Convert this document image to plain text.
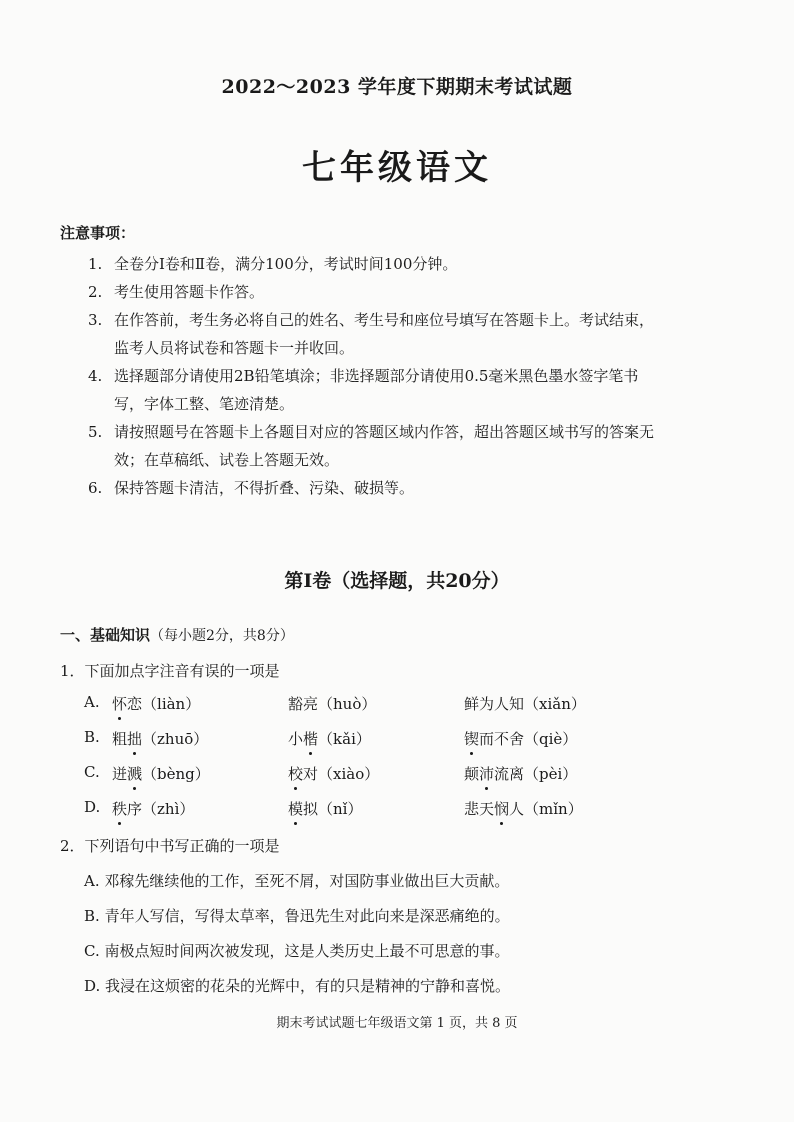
2022～2023 学年度下期期末考试试题
七年级语文
注意事项：
1. 全卷分Ⅰ卷和Ⅱ卷，满分100分，考试时间100分钟。
2. 考生使用答题卡作答。
3. 在作答前，考生务必将自己的姓名、考生号和座位号填写在答题卡上。考试结束，
监考人员将试卷和答题卡一并收回。
4. 选择题部分请使用2B铅笔填涂；非选择题部分请使用0.5毫米黑色墨水签字笔书
写，字体工整、笔迹清楚。
5. 请按照题号在答题卡上各题目对应的答题区域内作答，超出答题区域书写的答案无
效；在草稿纸、试卷上答题无效。
6. 保持答题卡清洁，不得折叠、污染、破损等。
第Ⅰ卷（选择题，共20分）
一、基础知识（每小题2分，共8分）
1．下面加点字注音有误的一项是
A. 怀恋（liàn）	豁亮（huò）	鲜为人知（xiǎn）
B. 粗拙（zhuō）	小楷（kǎi）	锲而不舍（qiè）
C. 迸溅（bèng）	校对（xiào）	颠沛流离（pèi）
D. 秩序（zhì）	模拟（nǐ）	悲天悯人（mǐn）
2．下列语句中书写正确的一项是
A. 邓稼先继续他的工作，至死不屑，对国防事业做出巨大贡献。
B. 青年人写信，写得太草率，鲁迅先生对此向来是深恶痛绝的。
C. 南极点短时间两次被发现，这是人类历史上最不可思意的事。
D. 我浸在这烦密的花朵的光辉中，有的只是精神的宁静和喜悦。
期末考试试题七年级语文第 1 页，共 8 页
